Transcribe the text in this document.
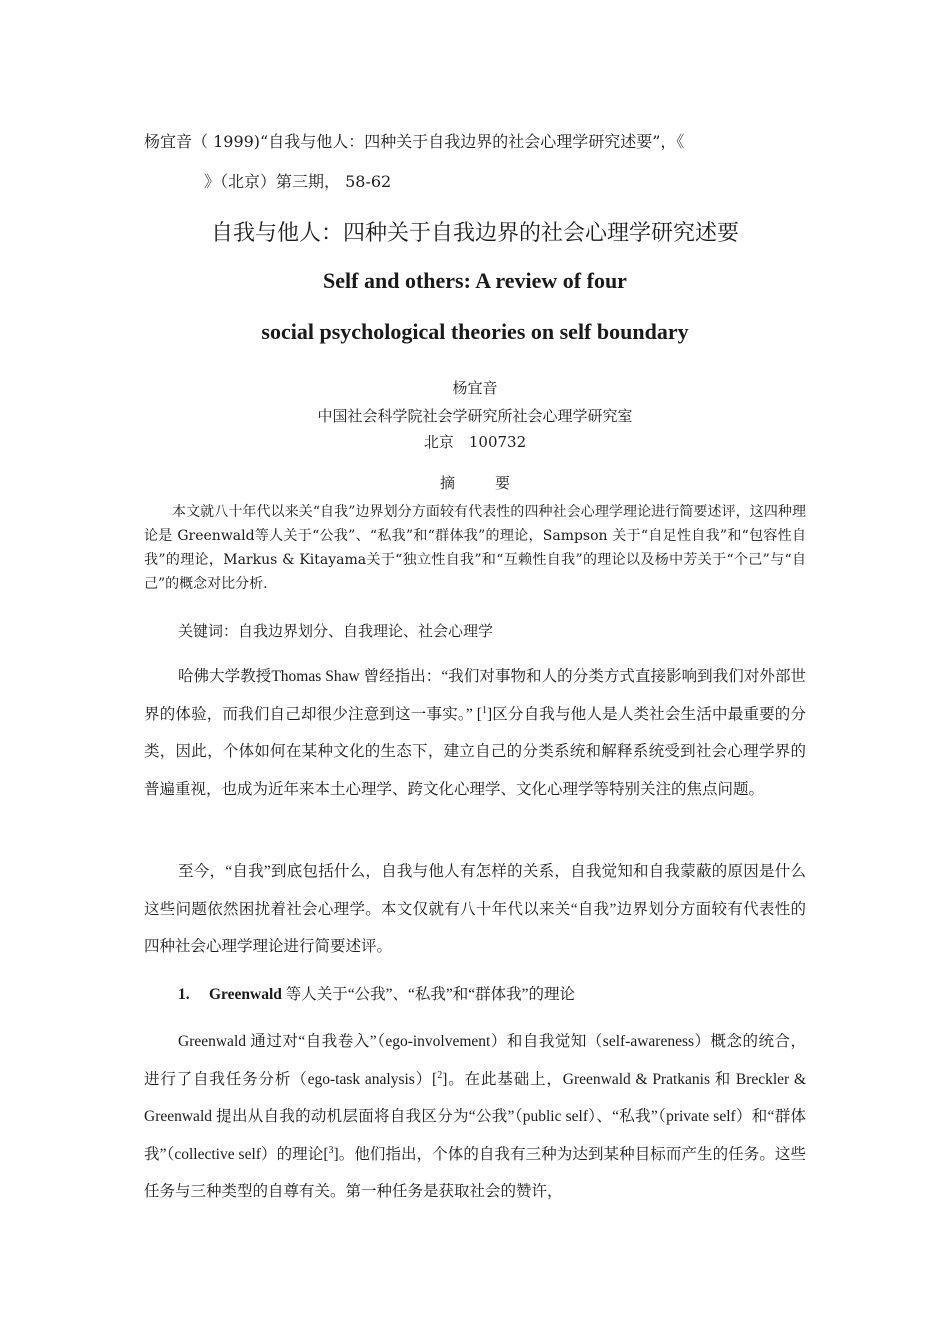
杨宜音（ 1999)“自我与他人：四种关于自我边界的社会心理学研究述要”，《
》（北京）第三期， 58-62
自我与他人：四种关于自我边界的社会心理学研究述要
Self and others: A review of four
social psychological theories on self boundary
杨宜音
中国社会科学院社会学研究所社会心理学研究室
北京　100732
摘要
本文就八十年代以来关“自我”边界划分方面较有代表性的四种社会心理学理论进行简要述评，这四种理论是 Greenwald等人关于“公我”、“私我”和“群体我”的理论，Sampson 关于“自足性自我”和“包容性自我”的理论，Markus & Kitayama关于“独立性自我”和“互赖性自我”的理论以及杨中芳关于“个己”与“自己”的概念对比分析.
关键词：自我边界划分、自我理论、社会心理学
哈佛大学教授Thomas Shaw 曾经指出：“我们对事物和人的分类方式直接影响到我们对外部世界的体验，而我们自己却很少注意到这一事实。” [$^1$]区分自我与他人是人类社会生活中最重要的分类，因此，个体如何在某种文化的生态下，建立自己的分类系统和解释系统受到社会心理学界的普遍重视，也成为近年来本土心理学、跨文化心理学、文化心理学等特别关注的焦点问题。
至今，“自我”到底包括什么，自我与他人有怎样的关系，自我觉知和自我蒙蔽的原因是什么这些问题依然困扰着社会心理学。本文仅就有八十年代以来关“自我”边界划分方面较有代表性的四种社会心理学理论进行简要述评。
1. Greenwald 等人关于“公我”、“私我”和“群体我”的理论
Greenwald 通过对“自我卷入”（ego-involvement）和自我觉知（self-awareness）概念的统合，进行了自我任务分析（ego-task analysis）[$^2$]。在此基础上，Greenwald & Pratkanis 和 Breckler & Greenwald 提出从自我的动机层面将自我区分为“公我”（public self）、“私我”（private self）和“群体我”（collective self）的理论[$^3$]。他们指出，个体的自我有三种为达到某种目标而产生的任务。这些任务与三种类型的自尊有关。第一种任务是获取社会的赞许，
